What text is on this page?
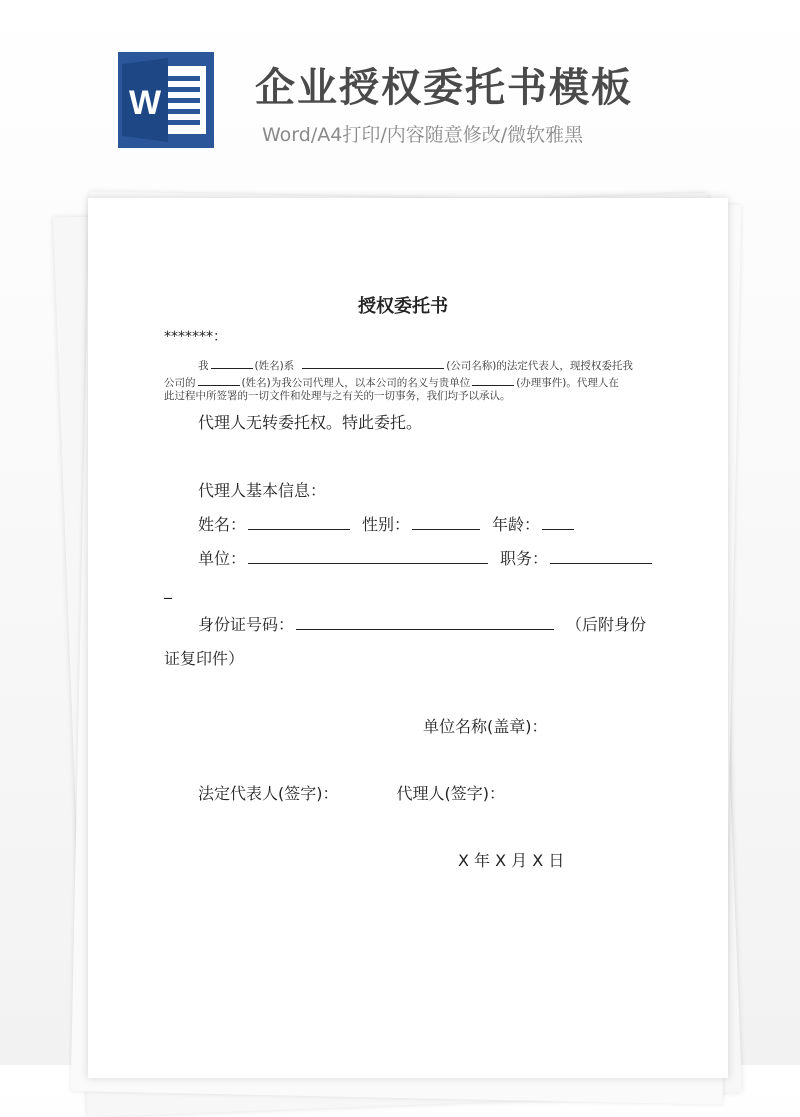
W 企业授权委托书模板
Word/A4打印/内容随意修改/微软雅黑
授权委托书
*******：
我	(姓名)系	(公司名称)的法定代表人，现授权委托我
公司的	(姓名)为我公司代理人，以本公司的名义与贵单位	(办理事件)。代理人在
此过程中所签署的一切文件和处理与之有关的一切事务，我们均予以承认。
代理人无转委托权。特此委托。
代理人基本信息：
姓名：	性别：	年龄：
单位：	职务：
_
身份证号码：	（后附身份
证复印件）
单位名称(盖章)：
法定代表人(签字)：	代理人(签字)：
X 年 X 月 X 日
